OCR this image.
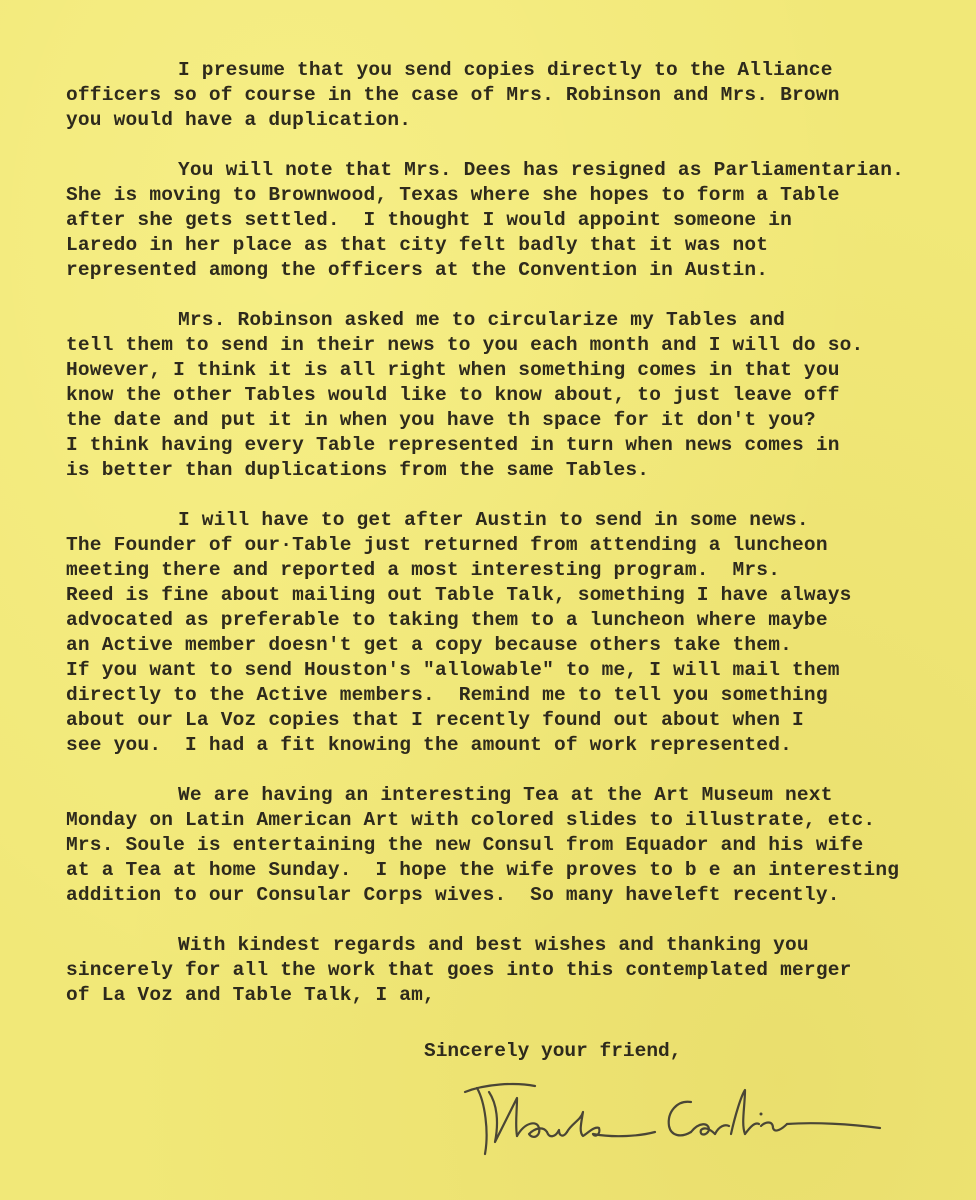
I presume that you send copies directly to the Alliance
officers so of course in the case of Mrs. Robinson and Mrs. Brown
you would have a duplication.
You will note that Mrs. Dees has resigned as Parliamentarian.
She is moving to Brownwood, Texas where she hopes to form a Table
after she gets settled.  I thought I would appoint someone in
Laredo in her place as that city felt badly that it was not
represented among the officers at the Convention in Austin.
Mrs. Robinson asked me to circularize my Tables and
tell them to send in their news to you each month and I will do so.
However, I think it is all right when something comes in that you
know the other Tables would like to know about, to just leave off
the date and put it in when you have th space for it don't you?
I think having every Table represented in turn when news comes in
is better than duplications from the same Tables.
I will have to get after Austin to send in some news.
The Founder of our·Table just returned from attending a luncheon
meeting there and reported a most interesting program.  Mrs.
Reed is fine about mailing out Table Talk, something I have always
advocated as preferable to taking them to a luncheon where maybe
an Active member doesn't get a copy because others take them.
If you want to send Houston's "allowable" to me, I will mail them
directly to the Active members.  Remind me to tell you something
about our La Voz copies that I recently found out about when I
see you.  I had a fit knowing the amount of work represented.
We are having an interesting Tea at the Art Museum next
Monday on Latin American Art with colored slides to illustrate, etc.
Mrs. Soule is entertaining the new Consul from Equador and his wife
at a Tea at home Sunday.  I hope the wife proves to b e an interesting
addition to our Consular Corps wives.  So many haveleft recently.
With kindest regards and best wishes and thanking you
sincerely for all the work that goes into this contemplated merger
of La Voz and Table Talk, I am,
Sincerely your friend,
